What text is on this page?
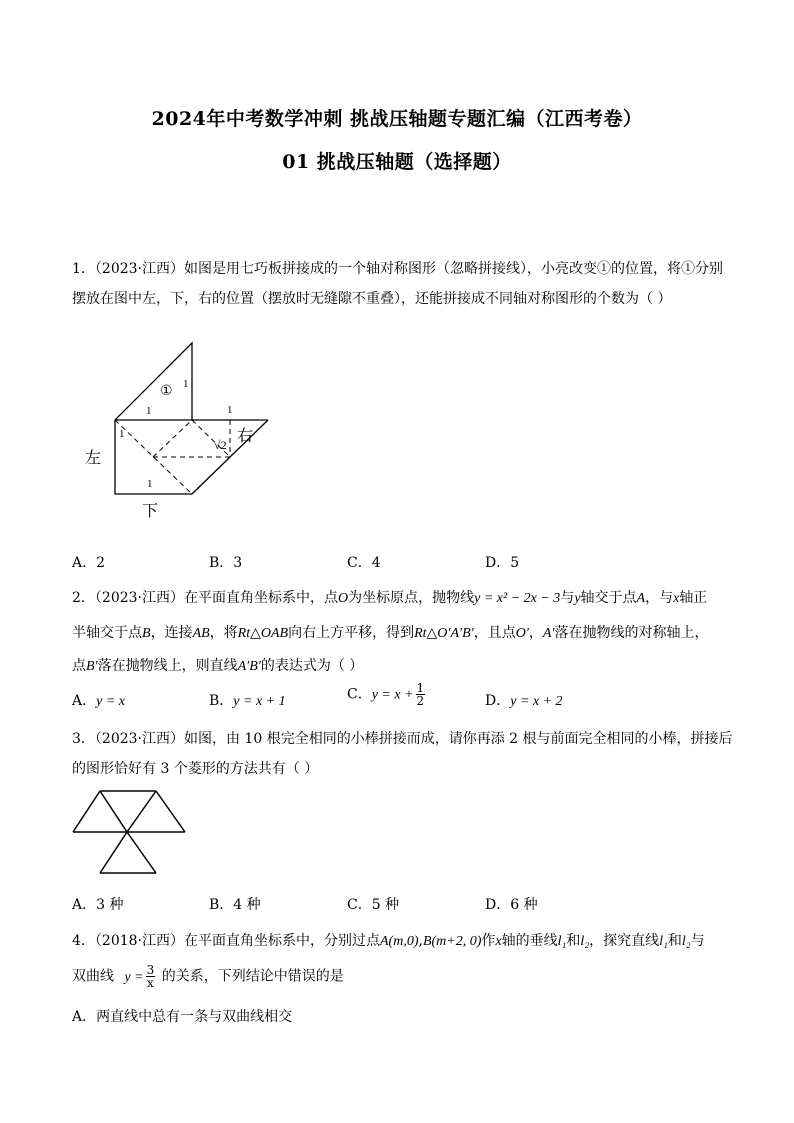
2024年中考数学冲刺 挑战压轴题专题汇编（江西考卷）
01 挑战压轴题（选择题）
1．（2023·江西）如图是用七巧板拼接成的一个轴对称图形（忽略拼接线），小亮改变①的位置，将①分别
摆放在图中左，下，右的位置（摆放时无缝隙不重叠），还能拼接成不同轴对称图形的个数为（ ）
① 1
1	1
1
1
√2
左
下
右
A．2	B．3	C．4	D．5
2．（2023·江西）在平面直角坐标系中，点O为坐标原点，抛物线y = x² − 2x − 3与y轴交于点A，与x轴正
半轴交于点B，连接AB，将Rt△OAB向右上方平移，得到Rt△O′A′B′，且点O′，A′落在抛物线的对称轴上，
点B′落在抛物线上，则直线A′B′的表达式为（ ）
A．y = x	B．y = x + 1	C．$y = x + \frac{1}{2}$	D．y = x + 2
3．（2023·江西）如图，由 10 根完全相同的小棒拼接而成，请你再添 2 根与前面完全相同的小棒，拼接后
的图形恰好有 3 个菱形的方法共有（ ）
A．3 种	B．4 种	C．5 种	D．6 种
4．（2018·江西）在平面直角坐标系中，分别过点A(m,0),B(m+2, 0)作x轴的垂线l₁和l₂，探究直线l₁和l₂与
双曲线 $y = \frac{3}{x}$ 的关系，下列结论中错误的是
A．两直线中总有一条与双曲线相交
